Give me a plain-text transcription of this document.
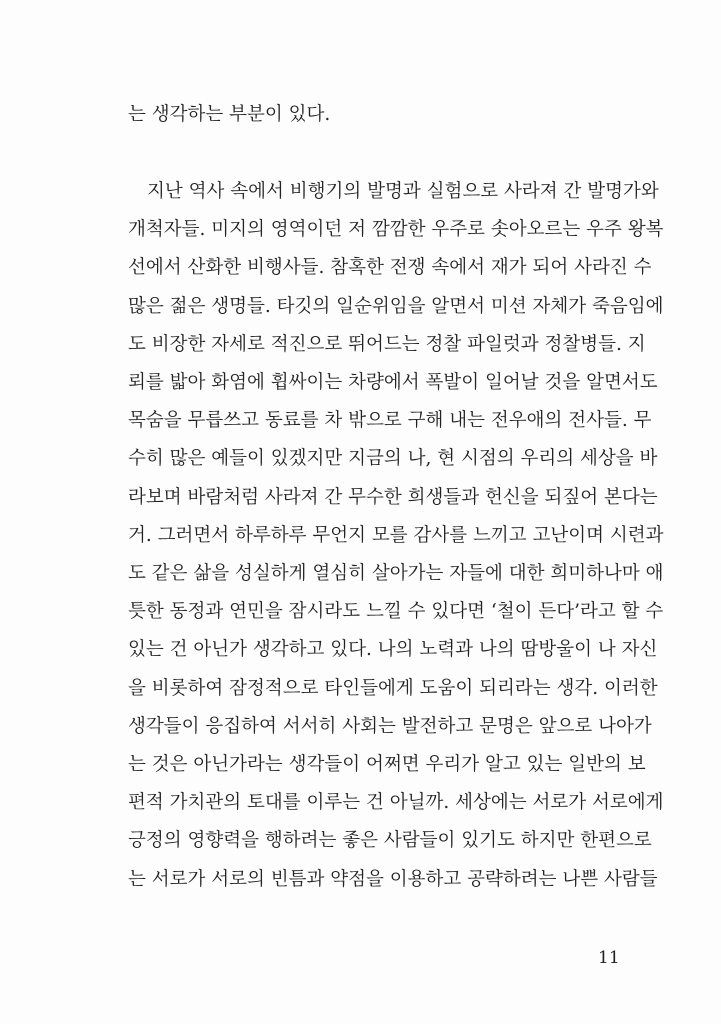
는 생각하는 부분이 있다.
지난 역사 속에서 비행기의 발명과 실험으로 사라져 간 발명가와
개척자들. 미지의 영역이던 저 깜깜한 우주로 솟아오르는 우주 왕복
선에서 산화한 비행사들. 참혹한 전쟁 속에서 재가 되어 사라진 수
많은 젊은 생명들. 타깃의 일순위임을 알면서 미션 자체가 죽음임에
도 비장한 자세로 적진으로 뛰어드는 정찰 파일럿과 정찰병들. 지
뢰를 밟아 화염에 휩싸이는 차량에서 폭발이 일어날 것을 알면서도
목숨을 무릅쓰고 동료를 차 밖으로 구해 내는 전우애의 전사들. 무
수히 많은 예들이 있겠지만 지금의 나, 현 시점의 우리의 세상을 바
라보며 바람처럼 사라져 간 무수한 희생들과 헌신을 되짚어 본다는
거. 그러면서 하루하루 무언지 모를 감사를 느끼고 고난이며 시련과
도 같은 삶을 성실하게 열심히 살아가는 자들에 대한 희미하나마 애
틋한 동정과 연민을 잠시라도 느낄 수 있다면 ‘철이 든다’라고 할 수
있는 건 아닌가 생각하고 있다. 나의 노력과 나의 땀방울이 나 자신
을 비롯하여 잠정적으로 타인들에게 도움이 되리라는 생각. 이러한
생각들이 응집하여 서서히 사회는 발전하고 문명은 앞으로 나아가
는 것은 아닌가라는 생각들이 어쩌면 우리가 알고 있는 일반의 보
편적 가치관의 토대를 이루는 건 아닐까. 세상에는 서로가 서로에게
긍정의 영향력을 행하려는 좋은 사람들이 있기도 하지만 한편으로
는 서로가 서로의 빈틈과 약점을 이용하고 공략하려는 나쁜 사람들
11
